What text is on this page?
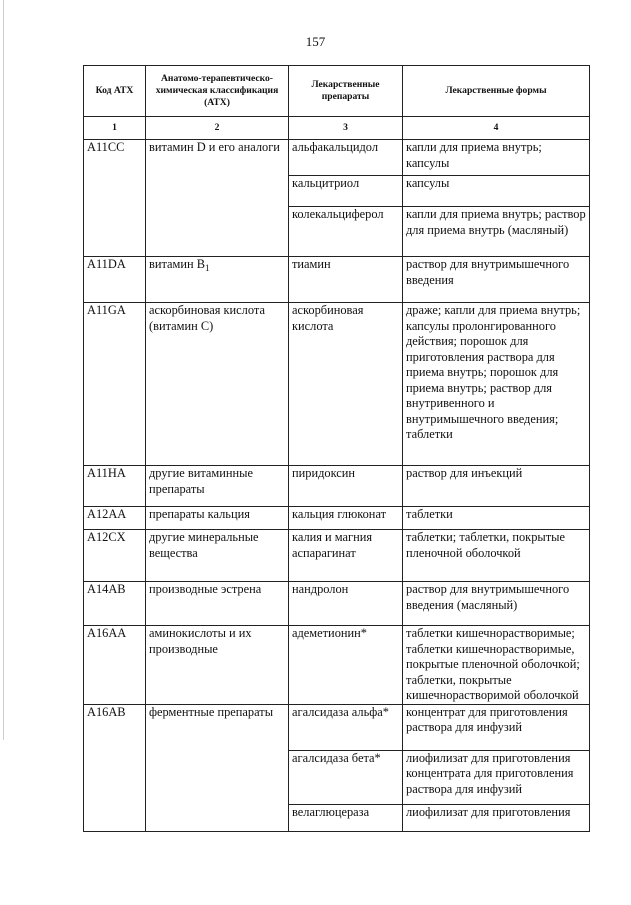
157
Код АТХ	Анатомо-терапевтическо-химическая классификация (АТХ)	Лекарственные препараты	Лекарственные формы
1	2	3	4
A11CC	витамин D и его аналоги	альфакальцидол	капли для приема внутрь; капсулы
		кальцитриол	капсулы
		колекальциферол	капли для приема внутрь; раствор для приема внутрь (масляный)
A11DA	витамин $B_1$	тиамин	раствор для внутримышечного введения
A11GA	аскорбиновая кислота (витамин C)	аскорбиновая кислота	драже; капли для приема внутрь; капсулы пролонгированного действия; порошок для приготовления раствора для приема внутрь; порошок для приема внутрь; раствор для внутривенного и внутримышечного введения; таблетки
A11HA	другие витаминные препараты	пиридоксин	раствор для инъекций
A12AA	препараты кальция	кальция глюконат	таблетки
A12CX	другие минеральные вещества	калия и магния аспарагинат	таблетки; таблетки, покрытые пленочной оболочкой
A14AB	производные эстрена	нандролон	раствор для внутримышечного введения (масляный)
A16AA	аминокислоты и их производные	адеметионин*	таблетки кишечнорастворимые; таблетки кишечнорастворимые, покрытые пленочной оболочкой; таблетки, покрытые кишечнорастворимой оболочкой
A16AB	ферментные препараты	агалсидаза альфа*	концентрат для приготовления раствора для инфузий
		агалсидаза бета*	лиофилизат для приготовления концентрата для приготовления раствора для инфузий
		велаглюцераза	лиофилизат для приготовления
